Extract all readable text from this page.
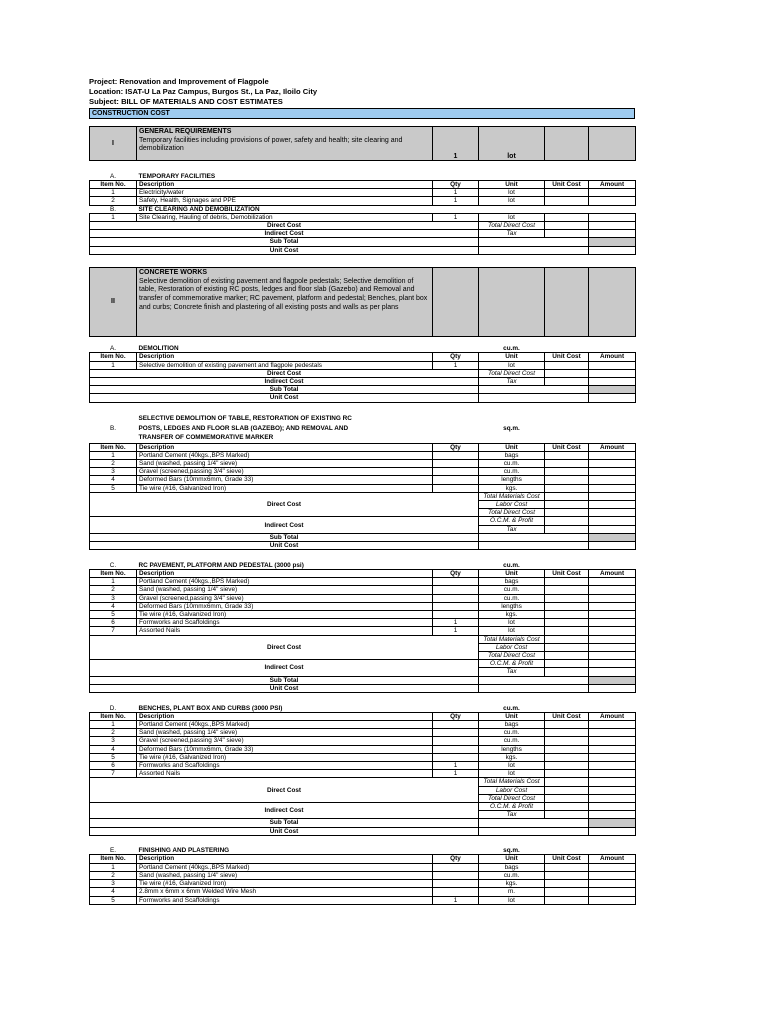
Project: Renovation and Improvement of Flagpole
Location: ISAT-U La Paz Campus, Burgos St., La Paz, Iloilo City
Subject: BILL OF MATERIALS AND COST ESTIMATES
CONSTRUCTION COST

I	GENERAL REQUIREMENTS
Temporary facilities including provisions of power, safety and health; site clearing and demobilization	1	lot		

A.	TEMPORARY FACILITIES				
Item No.	Description	Qty	Unit	Unit Cost	Amount
1	Electricity/water	1	lot		
2	Safety, Health, Signages and PPE	1	lot		
B.	SITE CLEARING AND DEMOBILIZATION				
1	Site Clearing, Hauling of debris, Demobilization	1	lot		
Direct Cost			Total Direct Cost		
Indirect Cost			Tax		
Sub Total					
Unit Cost					

II	CONCRETE WORKS
Selective demolition of existing pavement and flagpole pedestals; Selective demolition of table, Restoration of existing RC posts, ledges and floor slab (Gazebo) and Removal and transfer of commemorative marker; RC pavement, platform and pedestal; Benches, plant box and curbs; Concrete finish and plastering of all existing posts and walls as per plans				

A.	DEMOLITION		cu.m.		
Item No.	Description	Qty	Unit	Unit Cost	Amount
1	Selective demolition of existing pavement and flagpole pedestals	1	lot		
Direct Cost			Total Direct Cost		
Indirect Cost			Tax		
Sub Total					
Unit Cost					

B.	SELECTIVE DEMOLITION OF TABLE, RESTORATION OF EXISTING RC
POSTS, LEDGES AND FLOOR SLAB (GAZEBO); AND REMOVAL AND
TRANSFER OF COMMEMORATIVE MARKER		sq.m.		
Item No.	Description	Qty	Unit	Unit Cost	Amount
1	Portland Cement (40kgs.,BPS Marked)		bags		
2	Sand (washed, passing 1/4" sieve)		cu.m.		
3	Gravel (screened,passing 3/4" sieve)		cu.m.		
4	Deformed Bars (10mmx6mm, Grade 33)		lengths		
5	Tie wire (#16, Galvanized Iron)		kgs.		
Direct Cost			Total Materials Cost		
			Labor Cost		
			Total Direct Cost		
Indirect Cost			O.C.M. & Profit		
			Tax		
Sub Total					
Unit Cost					

C.	RC PAVEMENT, PLATFORM AND PEDESTAL (3000 psi)		cu.m.		
Item No.	Description	Qty	Unit	Unit Cost	Amount
1	Portland Cement (40kgs.,BPS Marked)		bags		
2	Sand (washed, passing 1/4" sieve)		cu.m.		
3	Gravel (screened,passing 3/4" sieve)		cu.m.		
4	Deformed Bars (10mmx6mm, Grade 33)		lengths		
5	Tie wire (#16, Galvanized Iron)		kgs.		
6	Formworks and Scaffoldings	1	lot		
7	Assorted Nails	1	lot		
Direct Cost			Total Materials Cost		
			Labor Cost		
			Total Direct Cost		
Indirect Cost			O.C.M. & Profit		
			Tax		
Sub Total					
Unit Cost					

D.	BENCHES, PLANT BOX AND CURBS (3000 PSI)		cu.m.		
Item No.	Description	Qty	Unit	Unit Cost	Amount
1	Portland Cement (40kgs.,BPS Marked)		bags		
2	Sand (washed, passing 1/4" sieve)		cu.m.		
3	Gravel (screened,passing 3/4" sieve)		cu.m.		
4	Deformed Bars (10mmx6mm, Grade 33)		lengths		
5	Tie wire (#16, Galvanized Iron)		kgs.		
6	Formworks and Scaffoldings	1	lot		
7	Assorted Nails	1	lot		
Direct Cost			Total Materials Cost		
			Labor Cost		
			Total Direct Cost		
Indirect Cost			O.C.M. & Profit		
			Tax		
Sub Total					
Unit Cost					

E.	FINISHING AND PLASTERING		sq.m.		
Item No.	Description	Qty	Unit	Unit Cost	Amount
1	Portland Cement (40kgs.,BPS Marked)		bags		
2	Sand (washed, passing 1/4" sieve)		cu.m.		
3	Tie wire (#16, Galvanized Iron)		kgs.		
4	2.8mm x 6mm x 6mm Welded Wire Mesh		m.		
5	Formworks and Scaffoldings	1	lot		
